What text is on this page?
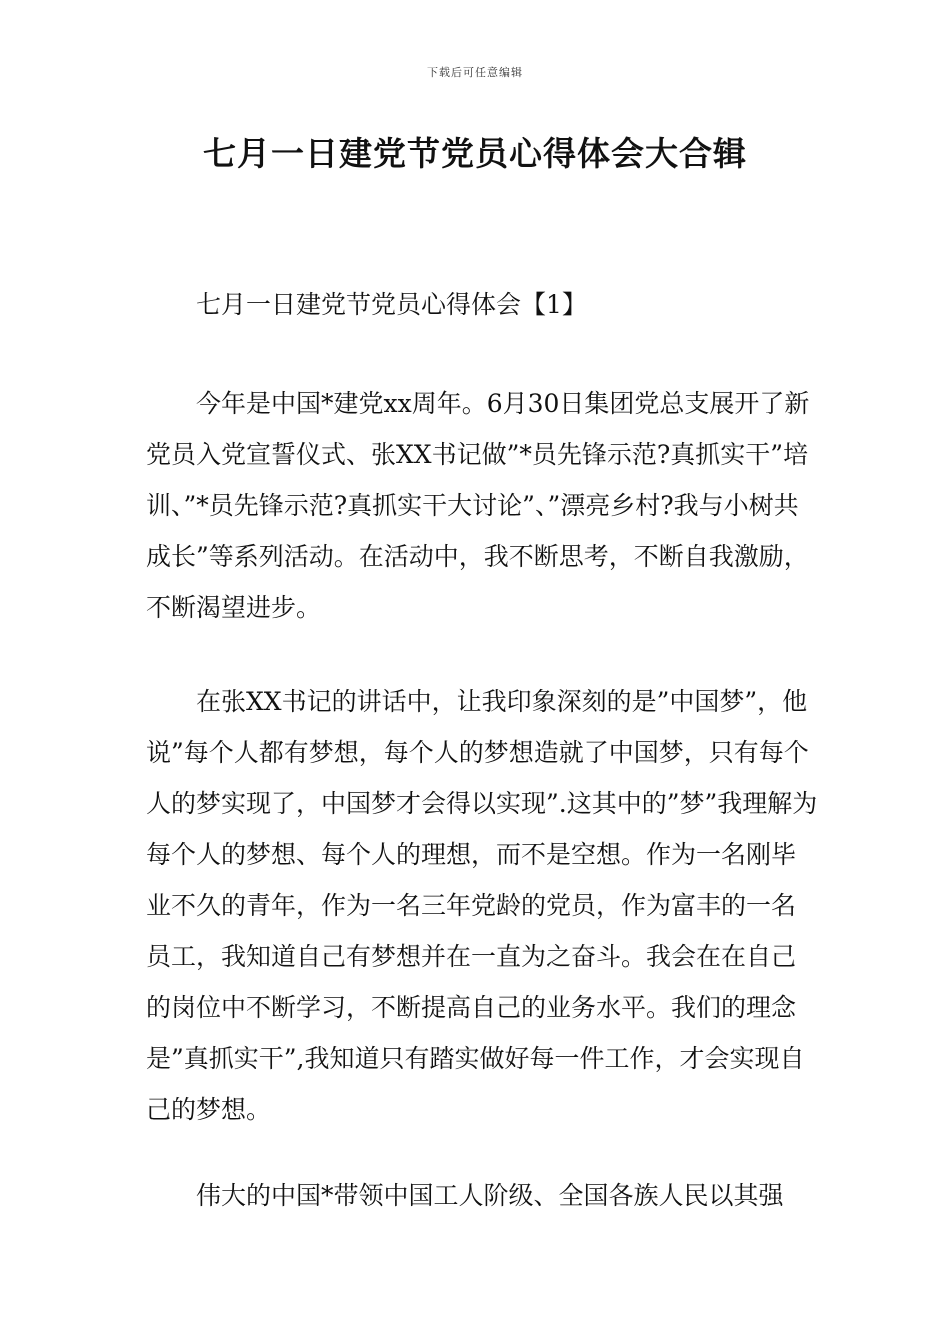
下载后可任意编辑
七月一日建党节党员心得体会大合辑

七月一日建党节党员心得体会【1】

今年是中国*建党xx周年。6月30日集团党总支展开了新党员入党宣誓仪式、张XX书记做”*员先锋示范?真抓实干”培训、”*员先锋示范?真抓实干大讨论”、”漂亮乡村?我与小树共成长”等系列活动。在活动中，我不断思考，不断自我激励，不断渴望进步。

在张XX书记的讲话中，让我印象深刻的是”中国梦”，他说”每个人都有梦想，每个人的梦想造就了中国梦，只有每个人的梦实现了，中国梦才会得以实现”.这其中的”梦”我理解为每个人的梦想、每个人的理想，而不是空想。作为一名刚毕业不久的青年，作为一名三年党龄的党员，作为富丰的一名员工，我知道自己有梦想并在一直为之奋斗。我会在在自己的岗位中不断学习，不断提高自己的业务水平。我们的理念是”真抓实干”,我知道只有踏实做好每一件工作，才会实现自己的梦想。

伟大的中国*带领中国工人阶级、全国各族人民以其强
